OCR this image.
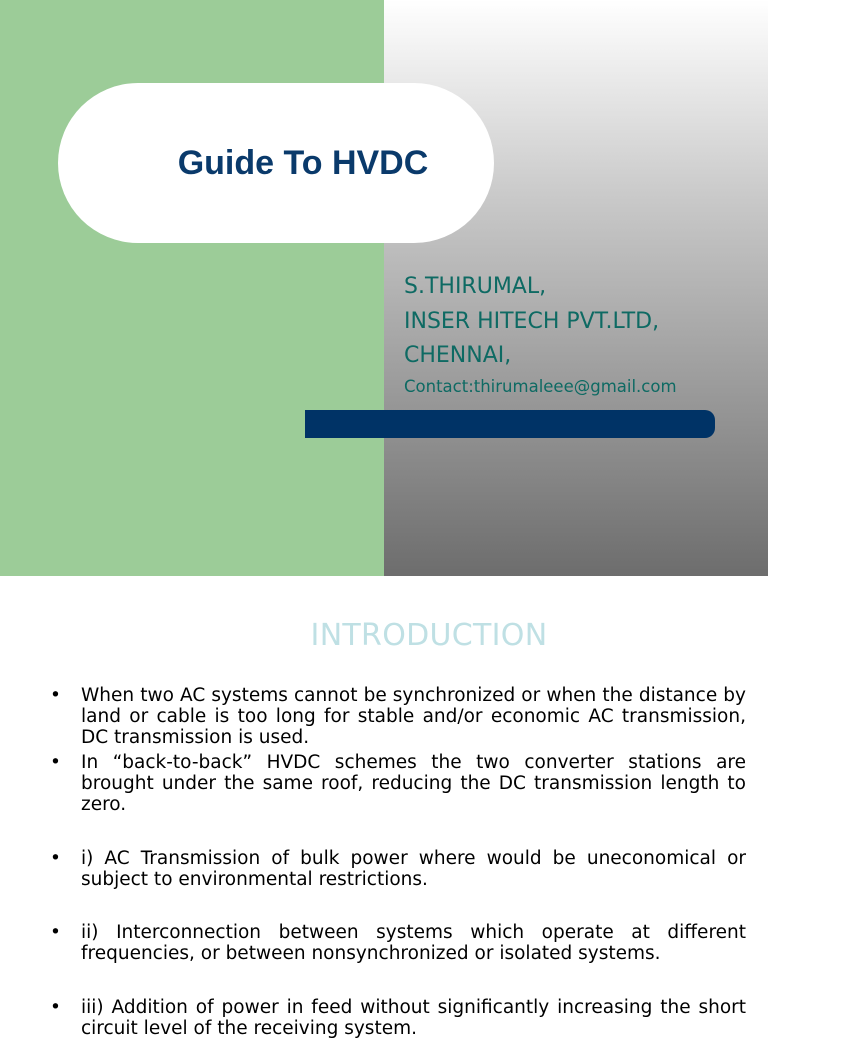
Guide To HVDC
S.THIRUMAL,
INSER HITECH PVT.LTD,
CHENNAI,
Contact:thirumaleee@gmail.com
INTRODUCTION
• When two AC systems cannot be synchronized or when the distance by land or cable is too long for stable and/or economic AC transmission, DC transmission is used.
• In “back-to-back” HVDC schemes the two converter stations are brought under the same roof, reducing the DC transmission length to zero.
• i) AC Transmission of bulk power where would be uneconomical or subject to environmental restrictions.
• ii) Interconnection between systems which operate at different frequencies, or between nonsynchronized or isolated systems.
• iii) Addition of power in feed without significantly increasing the short circuit level of the receiving system.
